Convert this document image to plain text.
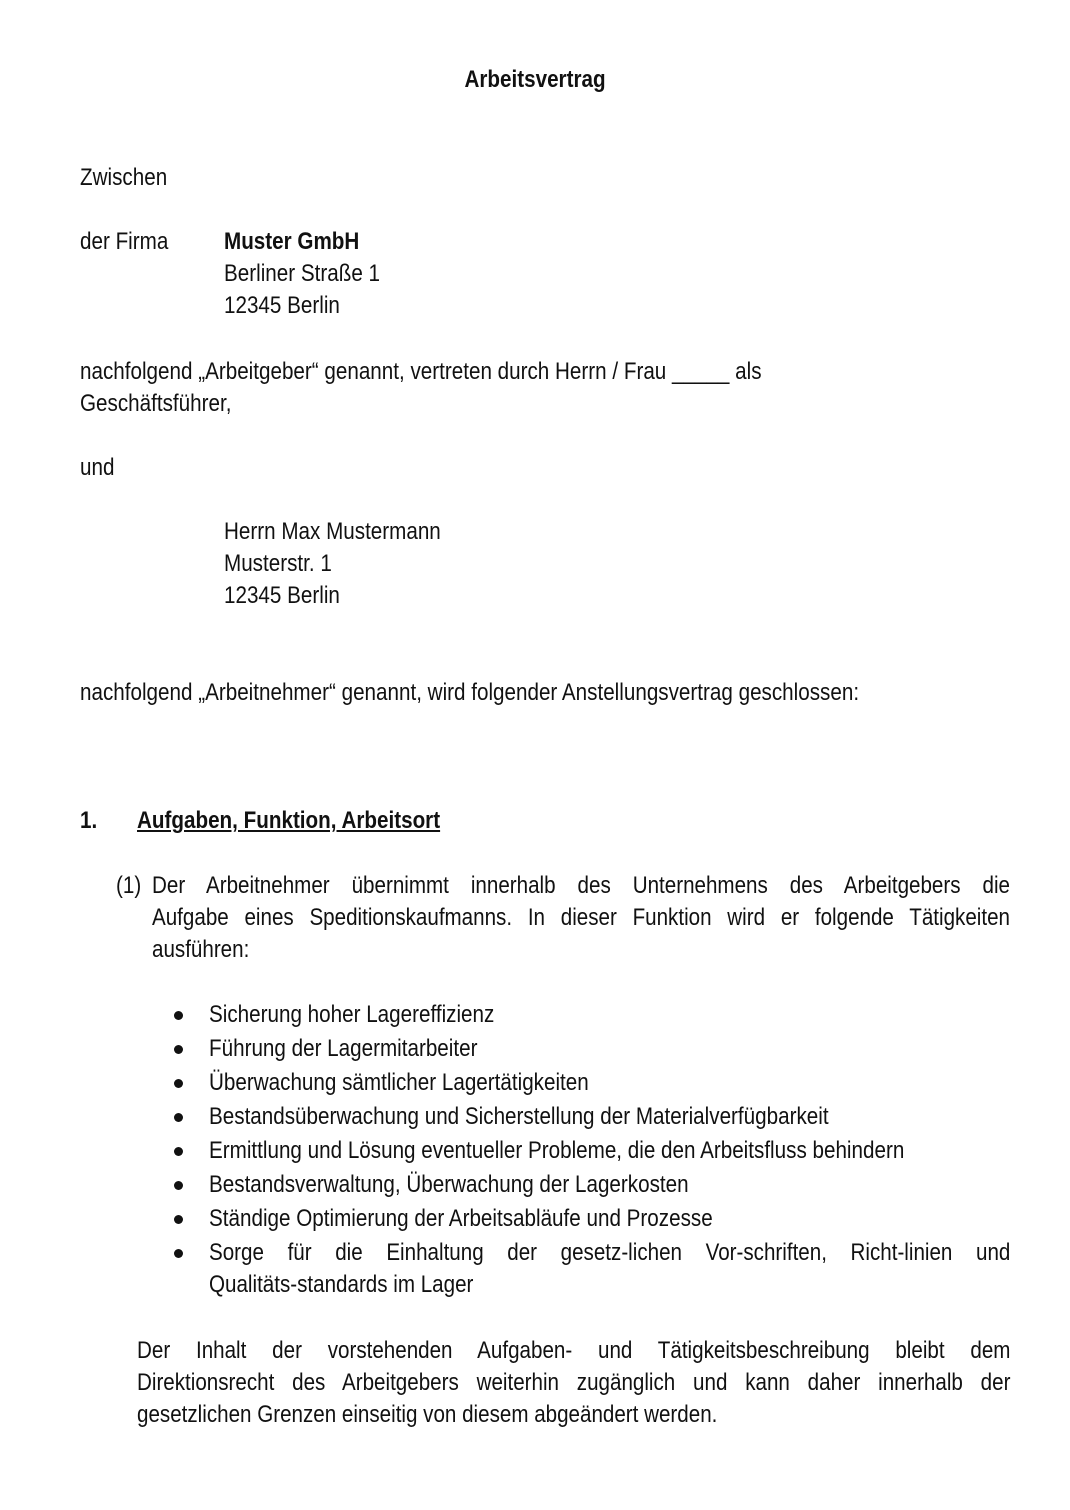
Arbeitsvertrag
Zwischen
der Firma	Muster GmbH
Berliner Straße 1
12345 Berlin
nachfolgend „Arbeitgeber“ genannt, vertreten durch Herrn / Frau _____ als
Geschäftsführer,
und
Herrn Max Mustermann
Musterstr. 1
12345 Berlin
nachfolgend „Arbeitnehmer“ genannt, wird folgender Anstellungsvertrag geschlossen:
1. Aufgaben, Funktion, Arbeitsort
(1) Der Arbeitnehmer übernimmt innerhalb des Unternehmens des Arbeitgebers die
Aufgabe eines Speditionskaufmanns. In dieser Funktion wird er folgende Tätigkeiten
ausführen:
Sicherung hoher Lagereffizienz
Führung der Lagermitarbeiter
Überwachung sämtlicher Lagertätigkeiten
Bestandsüberwachung und Sicherstellung der Materialverfügbarkeit
Ermittlung und Lösung eventueller Probleme, die den Arbeitsfluss behindern
Bestandsverwaltung, Überwachung der Lagerkosten
Ständige Optimierung der Arbeitsabläufe und Prozesse
Sorge für die Einhaltung der gesetz-lichen Vor-schriften, Richt-linien und
Qualitäts-standards im Lager
Der Inhalt der vorstehenden Aufgaben- und Tätigkeitsbeschreibung bleibt dem
Direktionsrecht des Arbeitgebers weiterhin zugänglich und kann daher innerhalb der
gesetzlichen Grenzen einseitig von diesem abgeändert werden.
